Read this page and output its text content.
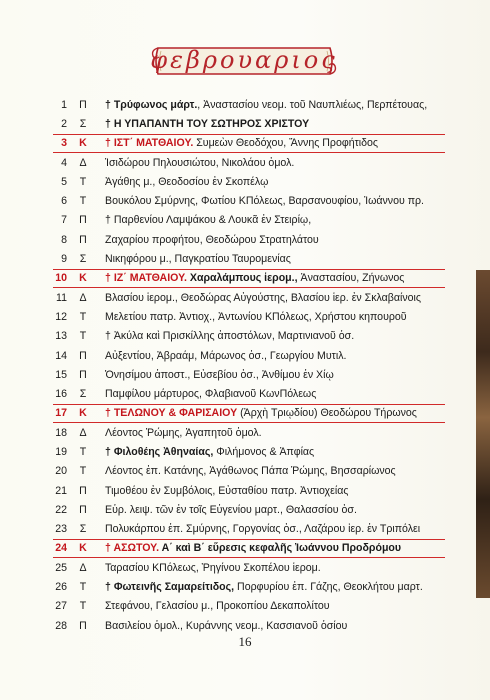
φεβρουαριος
1	Π	† Τρύφωνος μάρτ., Ἀναστασίου νεομ. τοῦ Ναυπλιέως, Περπέτουας,
2	Σ	† Η ΥΠΑΠΑΝΤΗ ΤΟΥ ΣΩΤΗΡΟΣ ΧΡΙΣΤΟΥ
3	Κ	† ΙΣΤ΄ ΜΑΤΘΑΙΟΥ. Συμεὼν Θεοδόχου, Ἄννης Προφήτιδος
4	Δ	Ἰσιδώρου Πηλουσιώτου, Νικολάου ὁμολ.
5	Τ	Ἀγάθης μ., Θεοδοσίου ἐν Σκοπέλῳ
6	Τ	Βουκόλου Σμύρνης, Φωτίου ΚΠόλεως, Βαρσανουφίου, Ἰωάννου πρ.
7	Π	† Παρθενίου Λαμψάκου & Λουκᾶ ἐν Στειρίῳ,
8	Π	Ζαχαρίου προφήτου, Θεοδώρου Στρατηλάτου
9	Σ	Νικηφόρου μ., Παγκρατίου Ταυρομενίας
10	Κ	† ΙΖ΄ ΜΑΤΘΑΙΟΥ. Χαραλάμπους ἱερομ., Ἀναστασίου, Ζήνωνος
11	Δ	Βλασίου ἱερομ., Θεοδώρας Αὐγούστης, Βλασίου ἱερ. ἐν Σκλαβαίνοις
12	Τ	Μελετίου πατρ. Ἀντιοχ., Ἀντωνίου ΚΠόλεως, Χρήστου κηπουροῦ
13	Τ	† Ἀκύλα καὶ Πρισκίλλης ἀποστόλων, Μαρτινιανοῦ ὁσ.
14	Π	Αὐξεντίου, Ἀβραάμ, Μάρωνος ὁσ., Γεωργίου Μυτιλ.
15	Π	Ὀνησίμου ἀποστ., Εὐσεβίου ὁσ., Ἀνθίμου ἐν Χίῳ
16	Σ	Παμφίλου μάρτυρος, Φλαβιανοῦ ΚωνΠόλεως
17	Κ	† ΤΕΛΩΝΟΥ & ΦΑΡΙΣΑΙΟΥ (Ἀρχὴ Τριῳδίου) Θεοδώρου Τήρωνος
18	Δ	Λέοντος Ῥώμης, Ἀγαπητοῦ ὁμολ.
19	Τ	† Φιλοθέης Ἀθηναίας, Φιλήμονος & Ἀπφίας
20	Τ	Λέοντος ἐπ. Κατάνης, Ἀγάθωνος Πάπα Ῥώμης, Βησσαρίωνος
21	Π	Τιμοθέου ἐν Συμβόλοις, Εὐσταθίου πατρ. Ἀντιοχείας
22	Π	Εὑρ. λειψ. τῶν ἐν τοῖς Εὐγενίου μαρτ., Θαλασσίου ὁσ.
23	Σ	Πολυκάρπου ἐπ. Σμύρνης, Γοργονίας ὁσ., Λαζάρου ἱερ. ἐν Τριπόλει
24	Κ	† ΑΣΩΤΟΥ. Α΄ καὶ Β΄ εὕρεσις κεφαλῆς Ἰωάννου Προδρόμου
25	Δ	Ταρασίου ΚΠόλεως, Ῥηγίνου Σκοπέλου ἱερομ.
26	Τ	† Φωτεινῆς Σαμαρείτιδος, Πορφυρίου ἐπ. Γάζης, Θεοκλήτου μαρτ.
27	Τ	Στεφάνου, Γελασίου μ., Προκοπίου Δεκαπολίτου
28	Π	Βασιλείου ὁμολ., Κυράννης νεομ., Κασσιανοῦ ὁσίου
16
